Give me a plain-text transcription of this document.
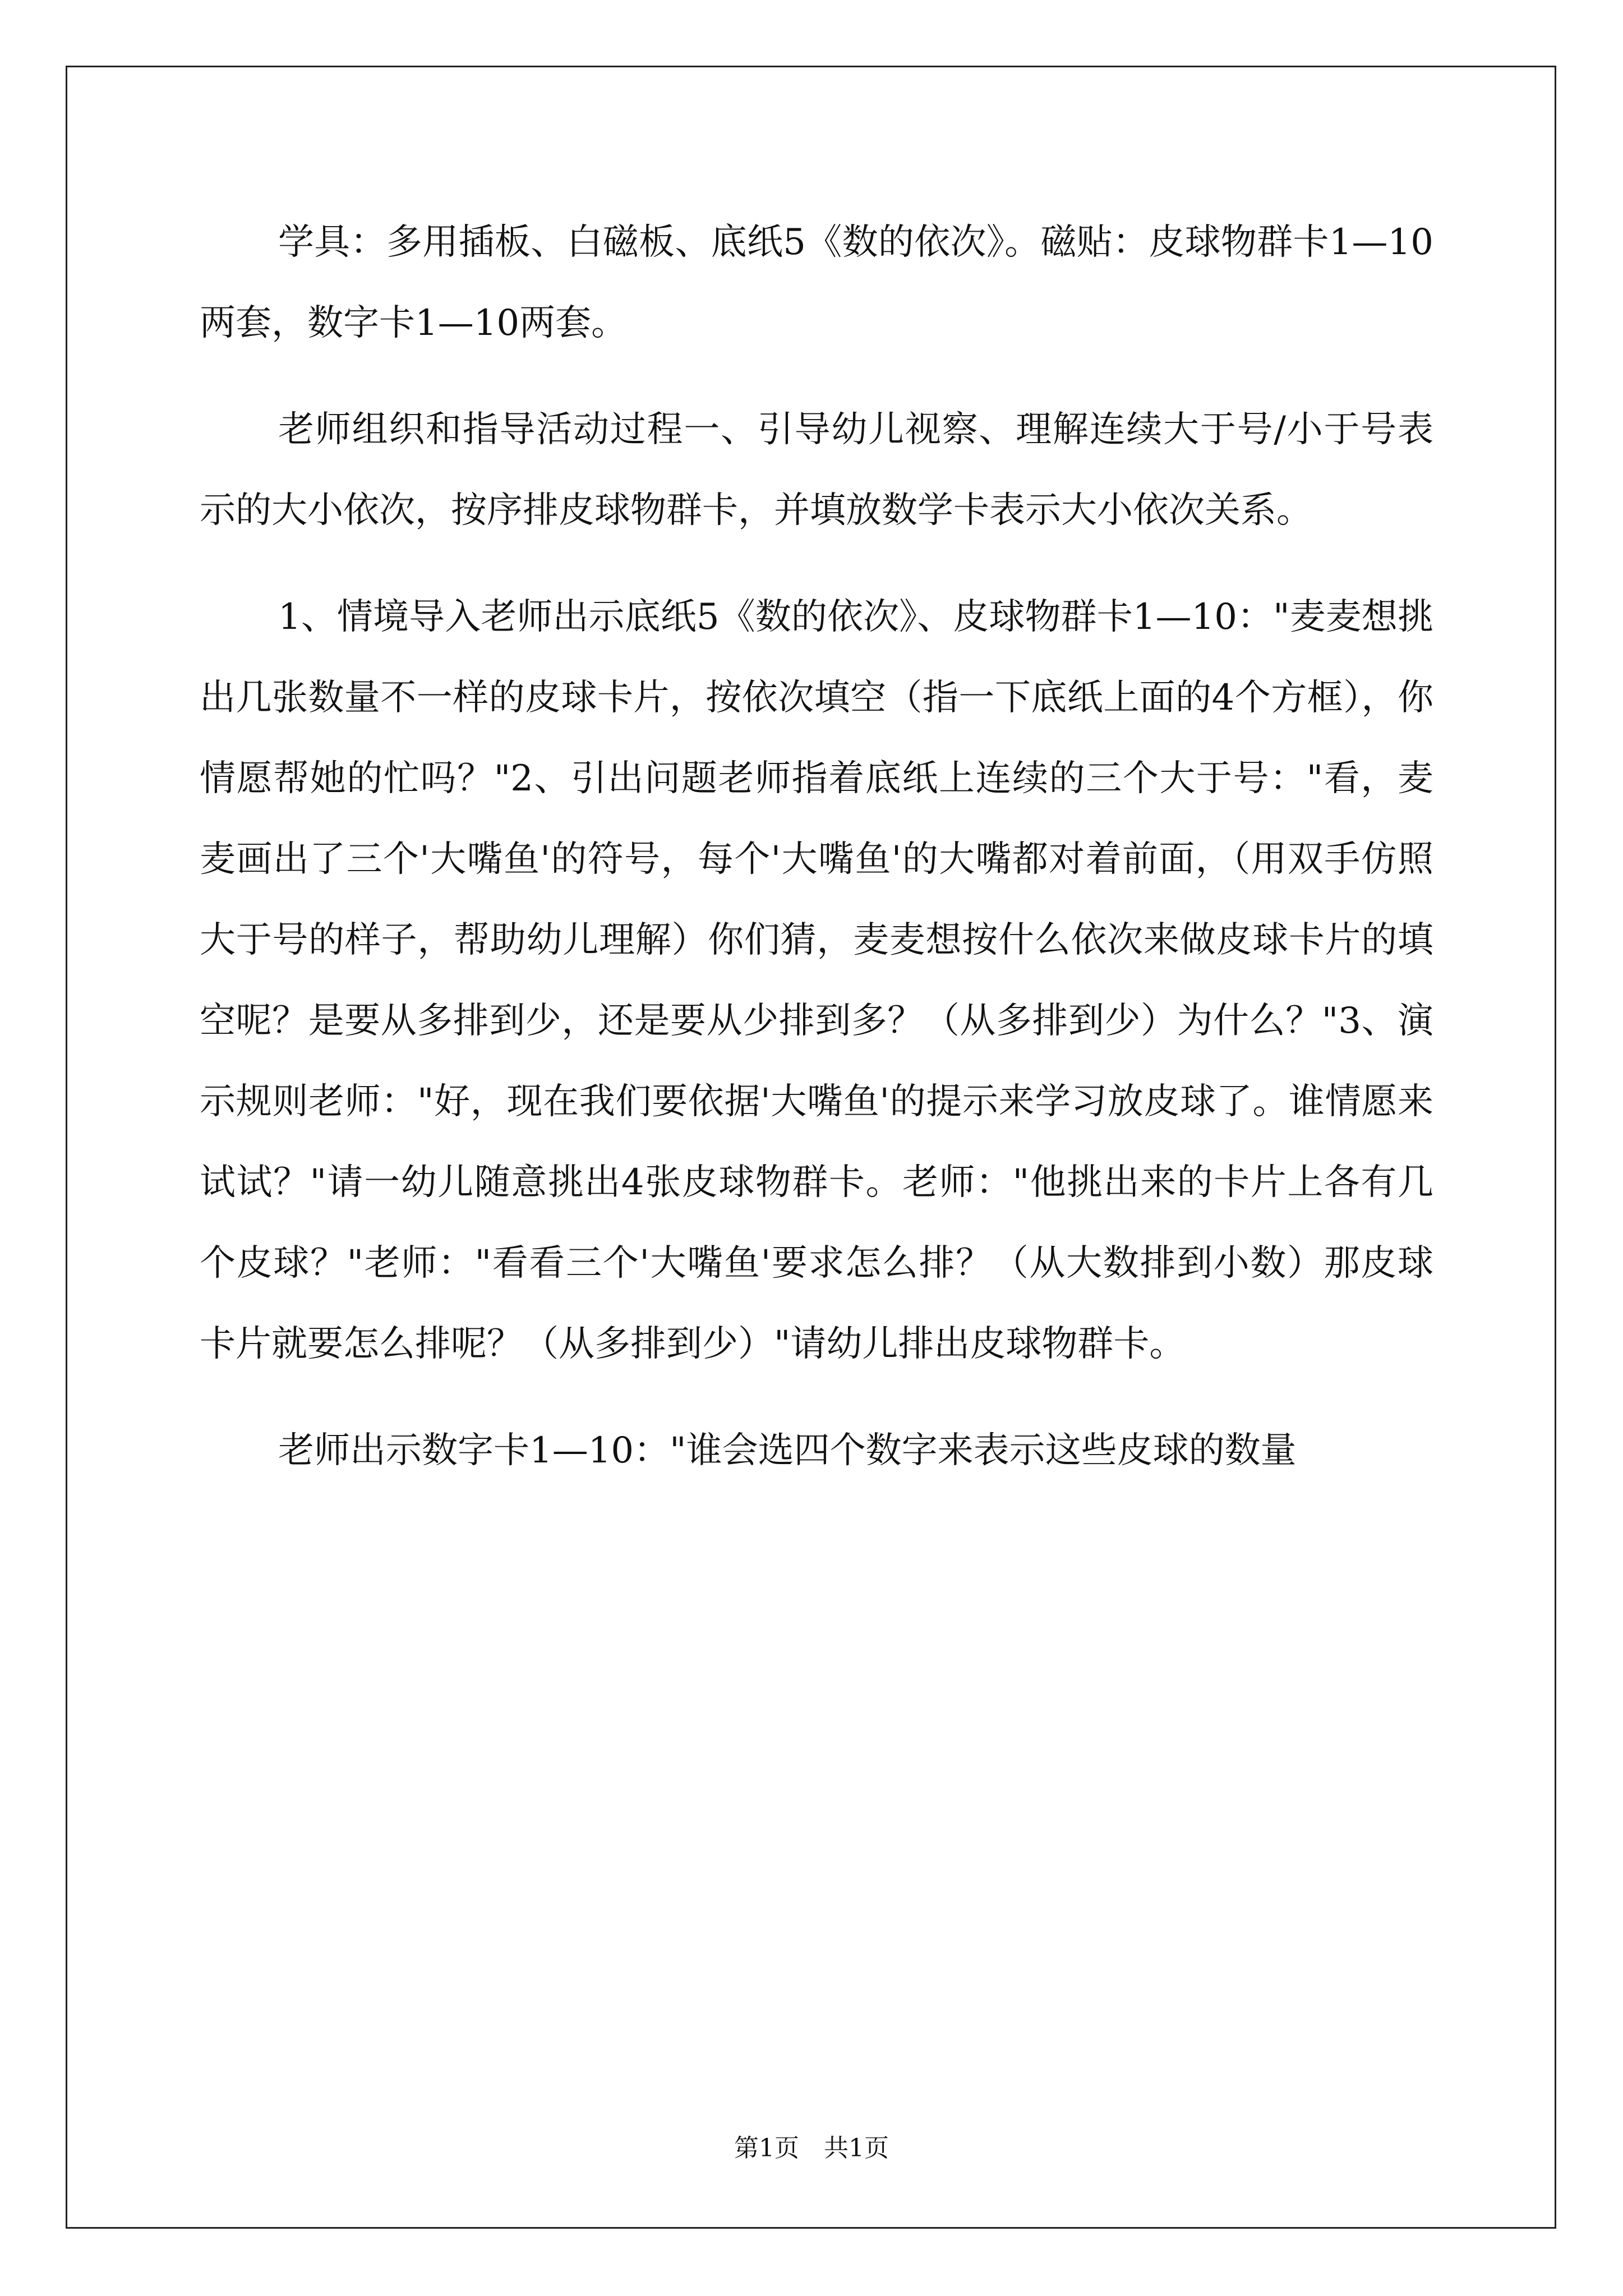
学具：多用插板、白磁板、底纸5《数的依次》。磁贴：皮球物群卡1—10两套，数字卡1—10两套。

老师组织和指导活动过程一、引导幼儿视察、理解连续大于号/小于号表示的大小依次，按序排皮球物群卡，并填放数学卡表示大小依次关系。

1、情境导入老师出示底纸5《数的依次》、皮球物群卡1—10："麦麦想挑出几张数量不一样的皮球卡片，按依次填空（指一下底纸上面的4个方框），你情愿帮她的忙吗？"2、引出问题老师指着底纸上连续的三个大于号："看，麦麦画出了三个'大嘴鱼'的符号，每个'大嘴鱼'的大嘴都对着前面，（用双手仿照大于号的样子，帮助幼儿理解）你们猜，麦麦想按什么依次来做皮球卡片的填空呢？是要从多排到少，还是要从少排到多？（从多排到少）为什么？"3、演示规则老师："好，现在我们要依据'大嘴鱼'的提示来学习放皮球了。谁情愿来试试？"请一幼儿随意挑出4张皮球物群卡。老师："他挑出来的卡片上各有几个皮球？"老师："看看三个'大嘴鱼'要求怎么排？（从大数排到小数）那皮球卡片就要怎么排呢？（从多排到少）"请幼儿排出皮球物群卡。

老师出示数字卡1—10："谁会选四个数字来表示这些皮球的数量

第1页　共1页
